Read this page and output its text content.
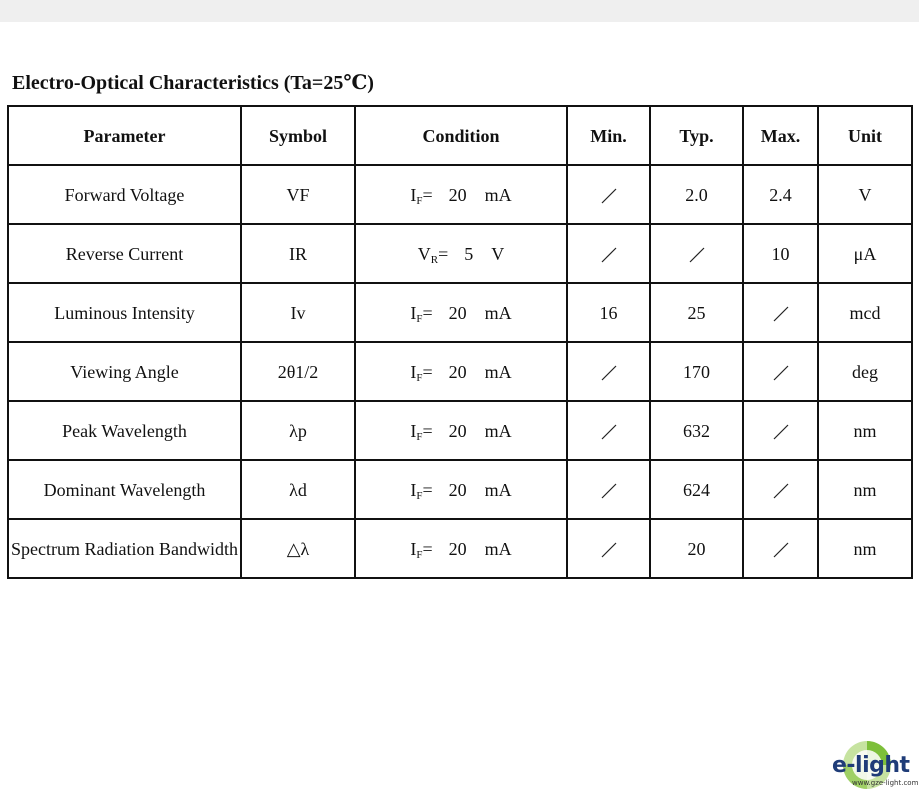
Electro-Optical Characteristics (Ta=25℃)
Parameter	Symbol	Condition	Min.	Typ.	Max.	Unit
Forward Voltage	VF	$I_F= 20$ mA		2.0	2.4	V
Reverse Current	IR	$V_R= 5$ V			10	μA
Luminous Intensity	Iv	$I_F= 20$ mA	16	25		mcd
Viewing Angle	2θ1/2	$I_F= 20$ mA		170		deg
Peak Wavelength	λp	$I_F= 20$ mA		632		nm
Dominant Wavelength	λd	$I_F= 20$ mA		624		nm
Spectrum Radiation Bandwidth	△λ	$I_F= 20$ mA		20		nm
e-light
www.gze-light.com
